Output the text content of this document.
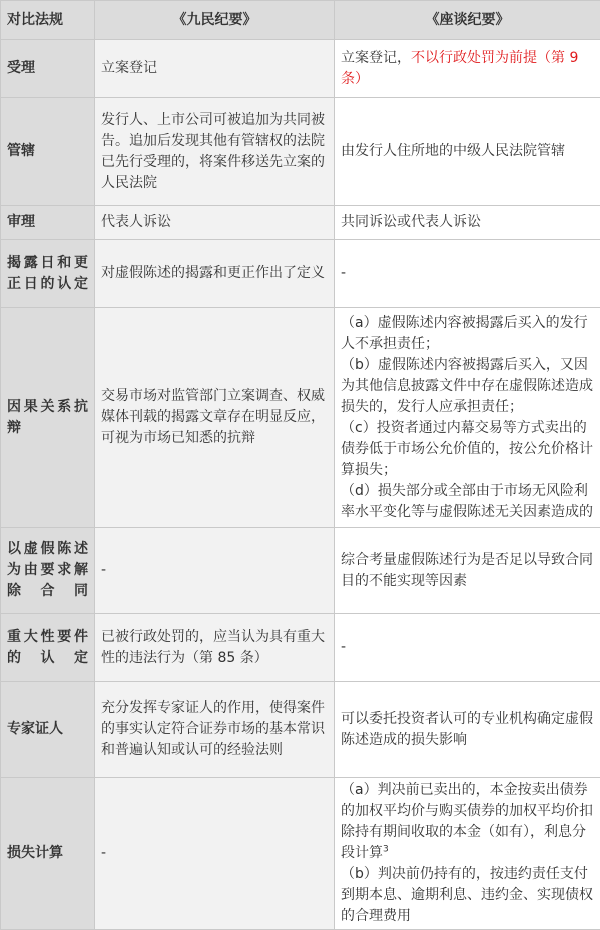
对比法规	《九民纪要》	《座谈纪要》
受理	立案登记	立案登记，不以行政处罚为前提（第 9 条）
管辖	发行人、上市公司可被追加为共同被告。追加后发现其他有管辖权的法院已先行受理的，将案件移送先立案的人民法院	由发行人住所地的中级人民法院管辖
审理	代表人诉讼	共同诉讼或代表人诉讼
揭露日和更正日的认定	对虚假陈述的揭露和更正作出了定义	-
因果关系抗辩	交易市场对监管部门立案调查、权威媒体刊载的揭露文章存在明显反应，可视为市场已知悉的抗辩	（a）虚假陈述内容被揭露后买入的发行人不承担责任；
（b）虚假陈述内容被揭露后买入，又因为其他信息披露文件中存在虚假陈述造成损失的，发行人应承担责任；
（c）投资者通过内幕交易等方式卖出的债券低于市场公允价值的，按公允价格计算损失；
（d）损失部分或全部由于市场无风险利率水平变化等与虚假陈述无关因素造成的

以虚假陈述为由要求解除合同	-	综合考量虚假陈述行为是否足以导致合同目的不能实现等因素
重大性要件的认定	已被行政处罚的，应当认为具有重大性的违法行为（第 85 条）	-
专家证人	充分发挥专家证人的作用，使得案件的事实认定符合证券市场的基本常识和普遍认知或认可的经验法则	可以委托投资者认可的专业机构确定虚假陈述造成的损失影响
损失计算	-	（a）判决前已卖出的，本金按卖出债券的加权平均价与购买债券的加权平均价扣除持有期间收取的本金（如有），利息分段计算$^3$
（b）判决前仍持有的，按违约责任支付到期本息、逾期利息、违约金、实现债权的合理费用
